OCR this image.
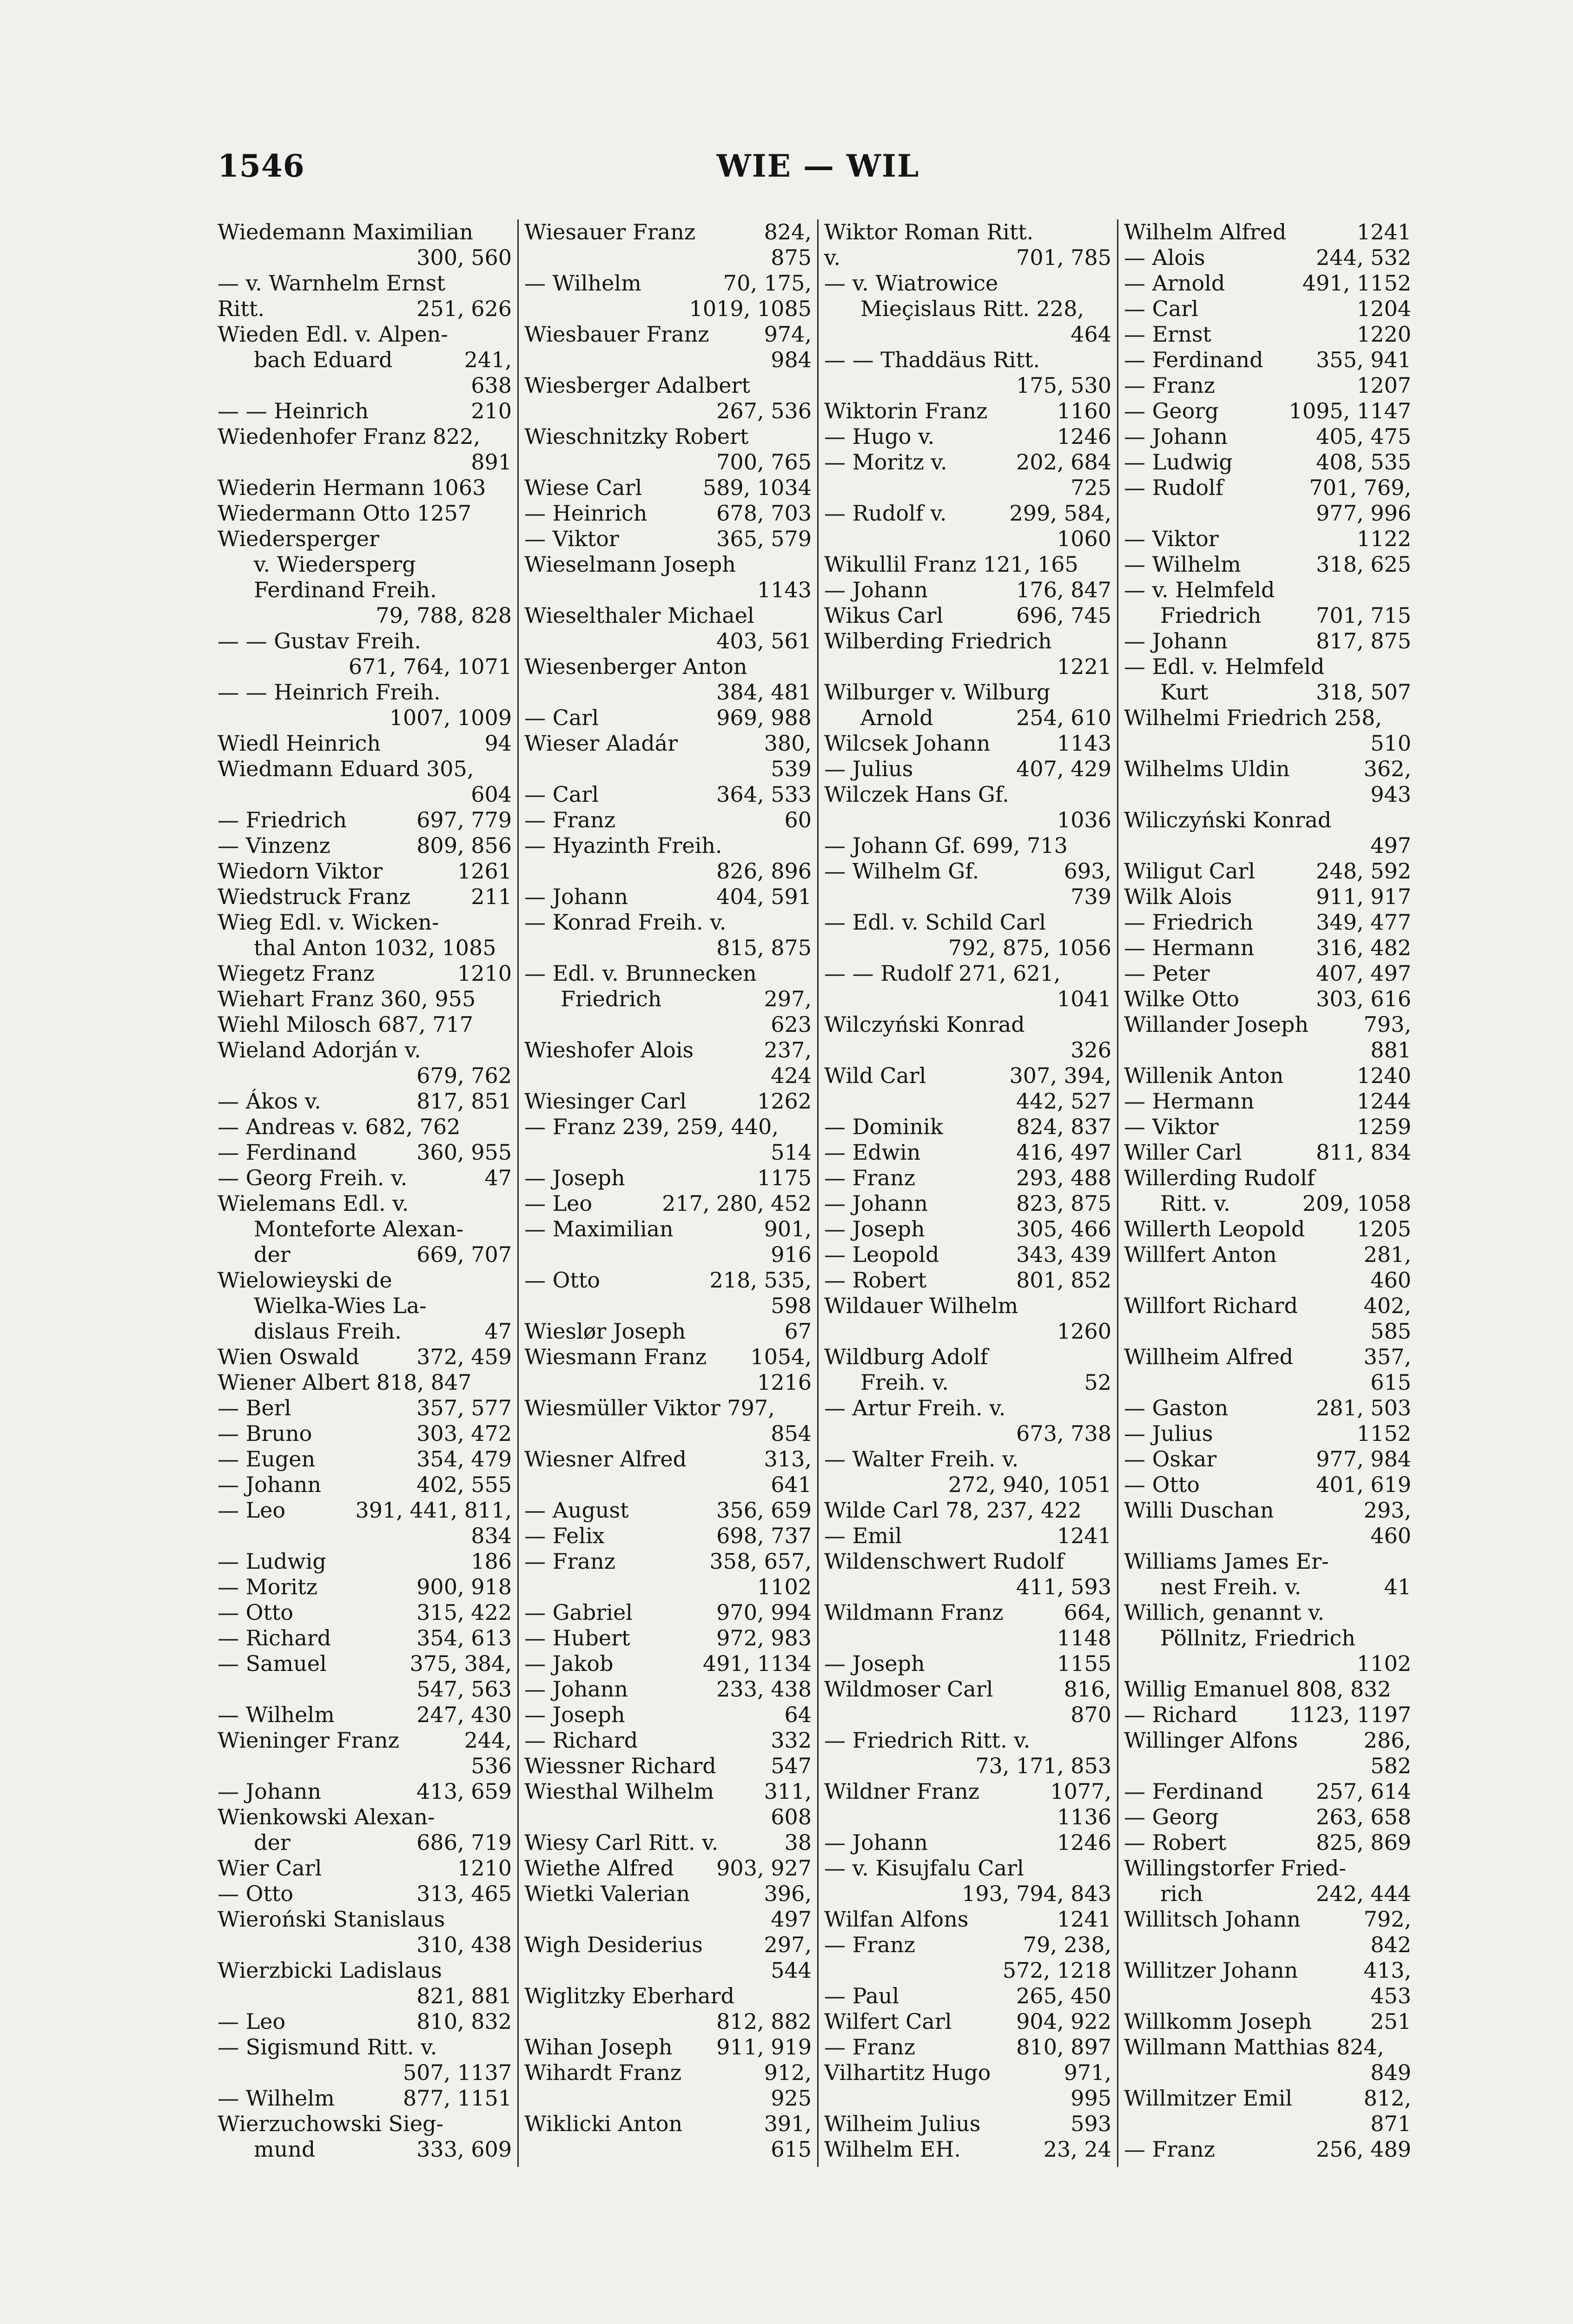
1546	WIE — WIL
Wiedemann Maximilian
300, 560
— v. Warnhelm Ernst
Ritt.	251, 626
Wieden Edl. v. Alpen-
bach Eduard	241,
638
— — Heinrich	210
Wiedenhofer Franz 822,
891
Wiederin Hermann 1063
Wiedermann Otto 1257
Wiedersperger
v. Wiedersperg
Ferdinand Freih.
79, 788, 828
— — Gustav Freih.
671, 764, 1071
— — Heinrich Freih.
1007, 1009
Wiedl Heinrich	94
Wiedmann Eduard 305,
604
— Friedrich	697, 779
— Vinzenz	809, 856
Wiedorn Viktor	1261
Wiedstruck Franz	211
Wieg Edl. v. Wicken-
thal Anton 1032, 1085
Wiegetz Franz	1210
Wiehart Franz 360, 955
Wiehl Milosch 687, 717
Wieland Adorján v.
679, 762
— Ákos v.	817, 851
— Andreas v. 682, 762
— Ferdinand	360, 955
— Georg Freih. v.	47
Wielemans Edl. v.
Monteforte Alexan-
der	669, 707
Wielowieyski de
Wielka-Wies La-
dislaus Freih.	47
Wien Oswald	372, 459
Wiener Albert 818, 847
— Berl	357, 577
— Bruno	303, 472
— Eugen	354, 479
— Johann	402, 555
— Leo	391, 441, 811,
834
— Ludwig	186
— Moritz	900, 918
— Otto	315, 422
— Richard	354, 613
— Samuel	375, 384,
547, 563
— Wilhelm	247, 430
Wieninger Franz	244,
536
— Johann	413, 659
Wienkowski Alexan-
der	686, 719
Wier Carl	1210
— Otto	313, 465
Wieroński Stanislaus
310, 438
Wierzbicki Ladislaus
821, 881
— Leo	810, 832
— Sigismund Ritt. v.
507, 1137
— Wilhelm	877, 1151
Wierzuchowski Sieg-
mund	333, 609
Wiesauer Franz	824,
875
— Wilhelm	70, 175,
1019, 1085
Wiesbauer Franz	974,
984
Wiesberger Adalbert
267, 536
Wieschnitzky Robert
700, 765
Wiese Carl	589, 1034
— Heinrich	678, 703
— Viktor	365, 579
Wieselmann Joseph
1143
Wieselthaler Michael
403, 561
Wiesenberger Anton
384, 481
— Carl	969, 988
Wieser Aladár	380,
539
— Carl	364, 533
— Franz	60
— Hyazinth Freih.
826, 896
— Johann	404, 591
— Konrad Freih. v.
815, 875
— Edl. v. Brunnecken
Friedrich	297,
623
Wieshofer Alois	237,
424
Wiesinger Carl	1262
— Franz 239, 259, 440,
514
— Joseph	1175
— Leo	217, 280, 452
— Maximilian	901,
916
— Otto	218, 535,
598
Wieslør Joseph	67
Wiesmann Franz 1054,
1216
Wiesmüller Viktor 797,
854
Wiesner Alfred	313,
641
— August	356, 659
— Felix	698, 737
— Franz	358, 657,
1102
— Gabriel	970, 994
— Hubert	972, 983
— Jakob	491, 1134
— Johann	233, 438
— Joseph	64
— Richard	332
Wiessner Richard	547
Wiesthal Wilhelm 311,
608
Wiesy Carl Ritt. v.	38
Wiethe Alfred 903, 927
Wietki Valerian	396,
497
Wigh Desiderius	297,
544
Wiglitzky Eberhard
812, 882
Wihan Joseph 911, 919
Wihardt Franz	912,
925
Wiklicki Anton	391,
615
Wiktor Roman Ritt.
v.	701, 785
— v. Wiatrowice
Mieçislaus Ritt. 228,
464
— — Thaddäus Ritt.
175, 530
Wiktorin Franz	1160
— Hugo v.	1246
— Moritz v.	202, 684
725
— Rudolf v.	299, 584,
1060
Wikullil Franz 121, 165
— Johann	176, 847
Wikus Carl	696, 745
Wilberding Friedrich
1221
Wilburger v. Wilburg
Arnold	254, 610
Wilcsek Johann	1143
— Julius	407, 429
Wilczek Hans Gf.
1036
— Johann Gf. 699, 713
— Wilhelm Gf.	693,
739
— Edl. v. Schild Carl
792, 875, 1056
— — Rudolf 271, 621,
1041
Wilczyński Konrad
326
Wild Carl	307, 394,
442, 527
— Dominik	824, 837
— Edwin	416, 497
— Franz	293, 488
— Johann	823, 875
— Joseph	305, 466
— Leopold	343, 439
— Robert	801, 852
Wildauer Wilhelm
1260
Wildburg Adolf
Freih. v.	52
— Artur Freih. v.
673, 738
— Walter Freih. v.
272, 940, 1051
Wilde Carl 78, 237, 422
— Emil	1241
Wildenschwert Rudolf
411, 593
Wildmann Franz	664,
1148
— Joseph	1155
Wildmoser Carl	816,
870
— Friedrich Ritt. v.
73, 171, 853
Wildner Franz	1077,
1136
— Johann	1246
— v. Kisujfalu Carl
193, 794, 843
Wilfan Alfons	1241
— Franz	79, 238,
572, 1218
— Paul	265, 450
Wilfert Carl	904, 922
— Franz	810, 897
Vilhartitz Hugo	971,
995
Wilheim Julius	593
Wilhelm EH.	23, 24
Wilhelm Alfred	1241
— Alois	244, 532
— Arnold	491, 1152
— Carl	1204
— Ernst	1220
— Ferdinand 355, 941
— Franz	1207
— Georg	1095, 1147
— Johann	405, 475
— Ludwig	408, 535
— Rudolf	701, 769,
977, 996
— Viktor	1122
— Wilhelm	318, 625
— v. Helmfeld
Friedrich	701, 715
— Johann	817, 875
— Edl. v. Helmfeld
Kurt	318, 507
Wilhelmi Friedrich 258,
510
Wilhelms Uldin	362,
943
Wiliczyński Konrad
497
Wiligut Carl	248, 592
Wilk Alois	911, 917
— Friedrich	349, 477
— Hermann	316, 482
— Peter	407, 497
Wilke Otto	303, 616
Willander Joseph	793,
881
Willenik Anton	1240
— Hermann	1244
— Viktor	1259
Willer Carl	811, 834
Willerding Rudolf
Ritt. v.	209, 1058
Willerth Leopold 1205
Willfert Anton	281,
460
Willfort Richard	402,
585
Willheim Alfred	357,
615
— Gaston	281, 503
— Julius	1152
— Oskar	977, 984
— Otto	401, 619
Willi Duschan	293,
460
Williams James Er-
nest Freih. v.	41
Willich, genannt v.
Pöllnitz, Friedrich
1102
Willig Emanuel 808, 832
— Richard 1123, 1197
Willinger Alfons	286,
582
— Ferdinand 257, 614
— Georg	263, 658
— Robert	825, 869
Willingstorfer Fried-
rich	242, 444
Willitsch Johann	792,
842
Willitzer Johann	413,
453
Willkomm Joseph	251
Willmann Matthias 824,
849
Willmitzer Emil	812,
871
— Franz	256, 489
